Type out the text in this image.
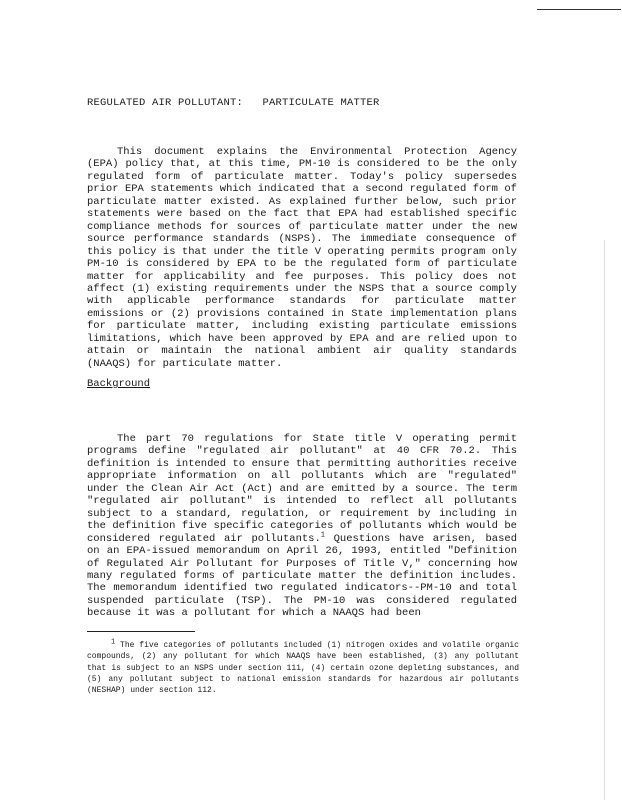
REGULATED AIR POLLUTANT:   PARTICULATE MATTER

This document explains the Environmental Protection Agency (EPA) policy that, at this time, PM-10 is considered to be the only regulated form of particulate matter. Today's policy supersedes prior EPA statements which indicated that a second regulated form of particulate matter existed. As explained further below, such prior statements were based on the fact that EPA had established specific compliance methods for sources of particulate matter under the new source performance standards (NSPS). The immediate consequence of this policy is that under the title V operating permits program only PM-10 is considered by EPA to be the regulated form of particulate matter for applicability and fee purposes. This policy does not affect (1) existing requirements under the NSPS that a source comply with applicable performance standards for particulate matter emissions or (2) provisions contained in State implementation plans for particulate matter, including existing particulate emissions limitations, which have been approved by EPA and are relied upon to attain or maintain the national ambient air quality standards (NAAQS) for particulate matter.

Background

The part 70 regulations for State title V operating permit programs define "regulated air pollutant" at 40 CFR 70.2. This definition is intended to ensure that permitting authorities receive appropriate information on all pollutants which are "regulated" under the Clean Air Act (Act) and are emitted by a source. The term "regulated air pollutant" is intended to reflect all pollutants subject to a standard, regulation, or requirement by including in the definition five specific categories of pollutants which would be considered regulated air pollutants.$^1$ Questions have arisen, based on an EPA-issued memorandum on April 26, 1993, entitled "Definition of Regulated Air Pollutant for Purposes of Title V," concerning how many regulated forms of particulate matter the definition includes. The memorandum identified two regulated indicators--PM-10 and total suspended particulate (TSP). The PM-10 was considered regulated because it was a pollutant for which a NAAQS had been

$^1$ The five categories of pollutants included (1) nitrogen oxides and volatile organic compounds, (2) any pollutant for which NAAQS have been established, (3) any pollutant that is subject to an NSPS under section 111, (4) certain ozone depleting substances, and (5) any pollutant subject to national emission standards for hazardous air pollutants (NESHAP) under section 112.
